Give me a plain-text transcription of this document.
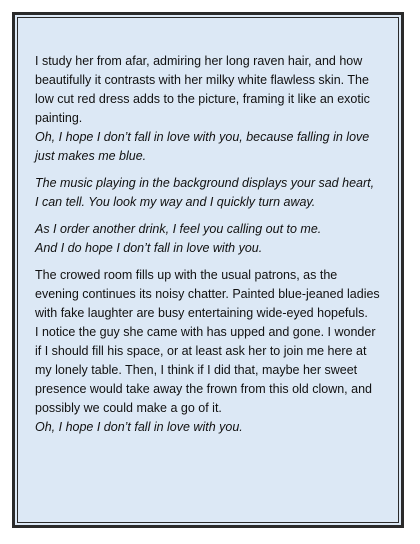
I study her from afar, admiring her long raven hair, and how beautifully it contrasts with her milky white flawless skin. The low cut red dress adds to the picture, framing it like an exotic painting.

Oh, I hope I don’t fall in love with you, because falling in love just makes me blue.

The music playing in the background displays your sad heart, I can tell. You look my way and I quickly turn away.

As I order another drink, I feel you calling out to me.

And I do hope I don’t fall in love with you.

The crowed room fills up with the usual patrons, as the evening continues its noisy chatter. Painted blue-jeaned ladies with fake laughter are busy entertaining wide-eyed hopefuls.

I notice the guy she came with has upped and gone. I wonder if I should fill his space, or at least ask her to join me here at my lonely table. Then, I think if I did that, maybe her sweet presence would take away the frown from this old clown, and possibly we could make a go of it.

Oh, I hope I don’t fall in love with you.
